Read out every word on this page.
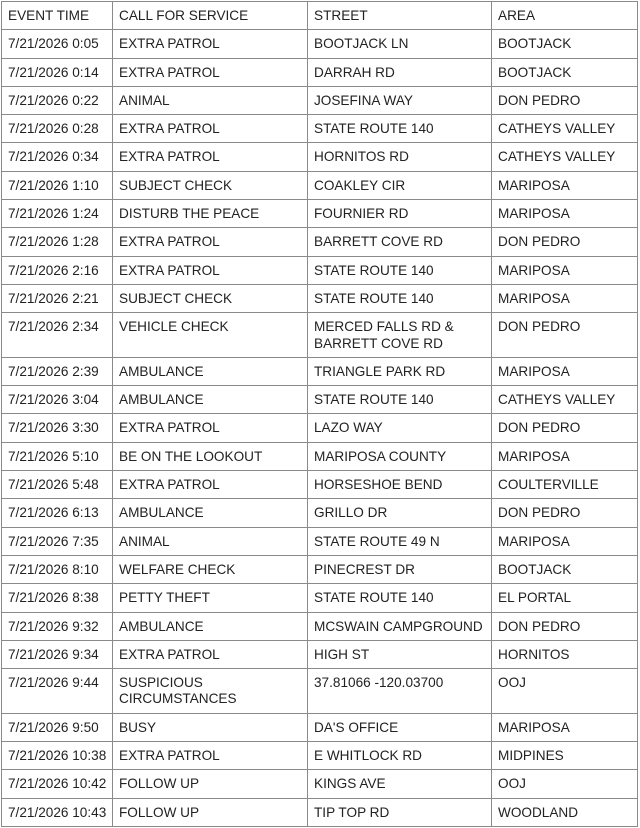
EVENT TIME	CALL FOR SERVICE	STREET	AREA
7/21/2026 0:05	EXTRA PATROL	BOOTJACK LN	BOOTJACK
7/21/2026 0:14	EXTRA PATROL	DARRAH RD	BOOTJACK
7/21/2026 0:22	ANIMAL	JOSEFINA WAY	DON PEDRO
7/21/2026 0:28	EXTRA PATROL	STATE ROUTE 140	CATHEYS VALLEY
7/21/2026 0:34	EXTRA PATROL	HORNITOS RD	CATHEYS VALLEY
7/21/2026 1:10	SUBJECT CHECK	COAKLEY CIR	MARIPOSA
7/21/2026 1:24	DISTURB THE PEACE	FOURNIER RD	MARIPOSA
7/21/2026 1:28	EXTRA PATROL	BARRETT COVE RD	DON PEDRO
7/21/2026 2:16	EXTRA PATROL	STATE ROUTE 140	MARIPOSA
7/21/2026 2:21	SUBJECT CHECK	STATE ROUTE 140	MARIPOSA
7/21/2026 2:34	VEHICLE CHECK	MERCED FALLS RD & BARRETT COVE RD	DON PEDRO
7/21/2026 2:39	AMBULANCE	TRIANGLE PARK RD	MARIPOSA
7/21/2026 3:04	AMBULANCE	STATE ROUTE 140	CATHEYS VALLEY
7/21/2026 3:30	EXTRA PATROL	LAZO WAY	DON PEDRO
7/21/2026 5:10	BE ON THE LOOKOUT	MARIPOSA COUNTY	MARIPOSA
7/21/2026 5:48	EXTRA PATROL	HORSESHOE BEND	COULTERVILLE
7/21/2026 6:13	AMBULANCE	GRILLO DR	DON PEDRO
7/21/2026 7:35	ANIMAL	STATE ROUTE 49 N	MARIPOSA
7/21/2026 8:10	WELFARE CHECK	PINECREST DR	BOOTJACK
7/21/2026 8:38	PETTY THEFT	STATE ROUTE 140	EL PORTAL
7/21/2026 9:32	AMBULANCE	MCSWAIN CAMPGROUND	DON PEDRO
7/21/2026 9:34	EXTRA PATROL	HIGH ST	HORNITOS
7/21/2026 9:44	SUSPICIOUS CIRCUMSTANCES	37.81066 -120.03700	OOJ
7/21/2026 9:50	BUSY	DA'S OFFICE	MARIPOSA
7/21/2026 10:38	EXTRA PATROL	E WHITLOCK RD	MIDPINES
7/21/2026 10:42	FOLLOW UP	KINGS AVE	OOJ
7/21/2026 10:43	FOLLOW UP	TIP TOP RD	WOODLAND
